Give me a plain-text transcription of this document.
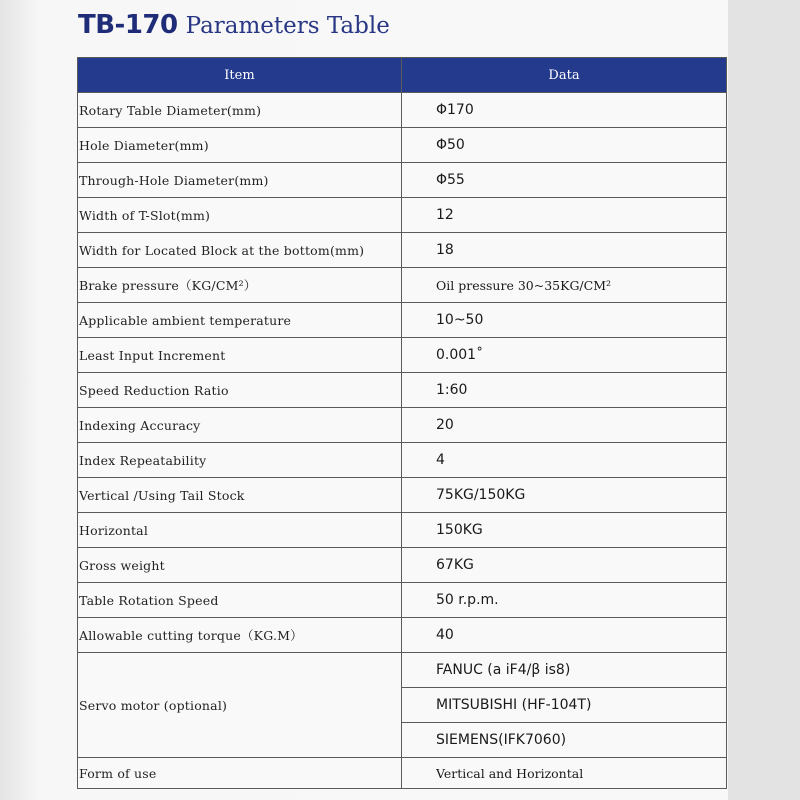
TB-170 Parameters Table
Item	Data
Rotary Table Diameter(mm)	Φ170
Hole Diameter(mm)	Φ50
Through-Hole Diameter(mm)	Φ55
Width of T-Slot(mm)	12
Width for Located Block at the bottom(mm)	18
Brake pressure（KG/CM²）	Oil pressure 30~35KG/CM²
Applicable ambient temperature	10~50
Least Input Increment	0.001˚
Speed Reduction Ratio	1:60
Indexing Accuracy	20
Index Repeatability	4
Vertical /Using Tail Stock	75KG/150KG
Horizontal	150KG
Gross weight	67KG
Table Rotation Speed	50 r.p.m.
Allowable cutting torque（KG.M）	40
Servo motor (optional)	FANUC (a iF4/β is8)
	MITSUBISHI (HF-104T)
	SIEMENS(IFK7060)
Form of use	Vertical and Horizontal
